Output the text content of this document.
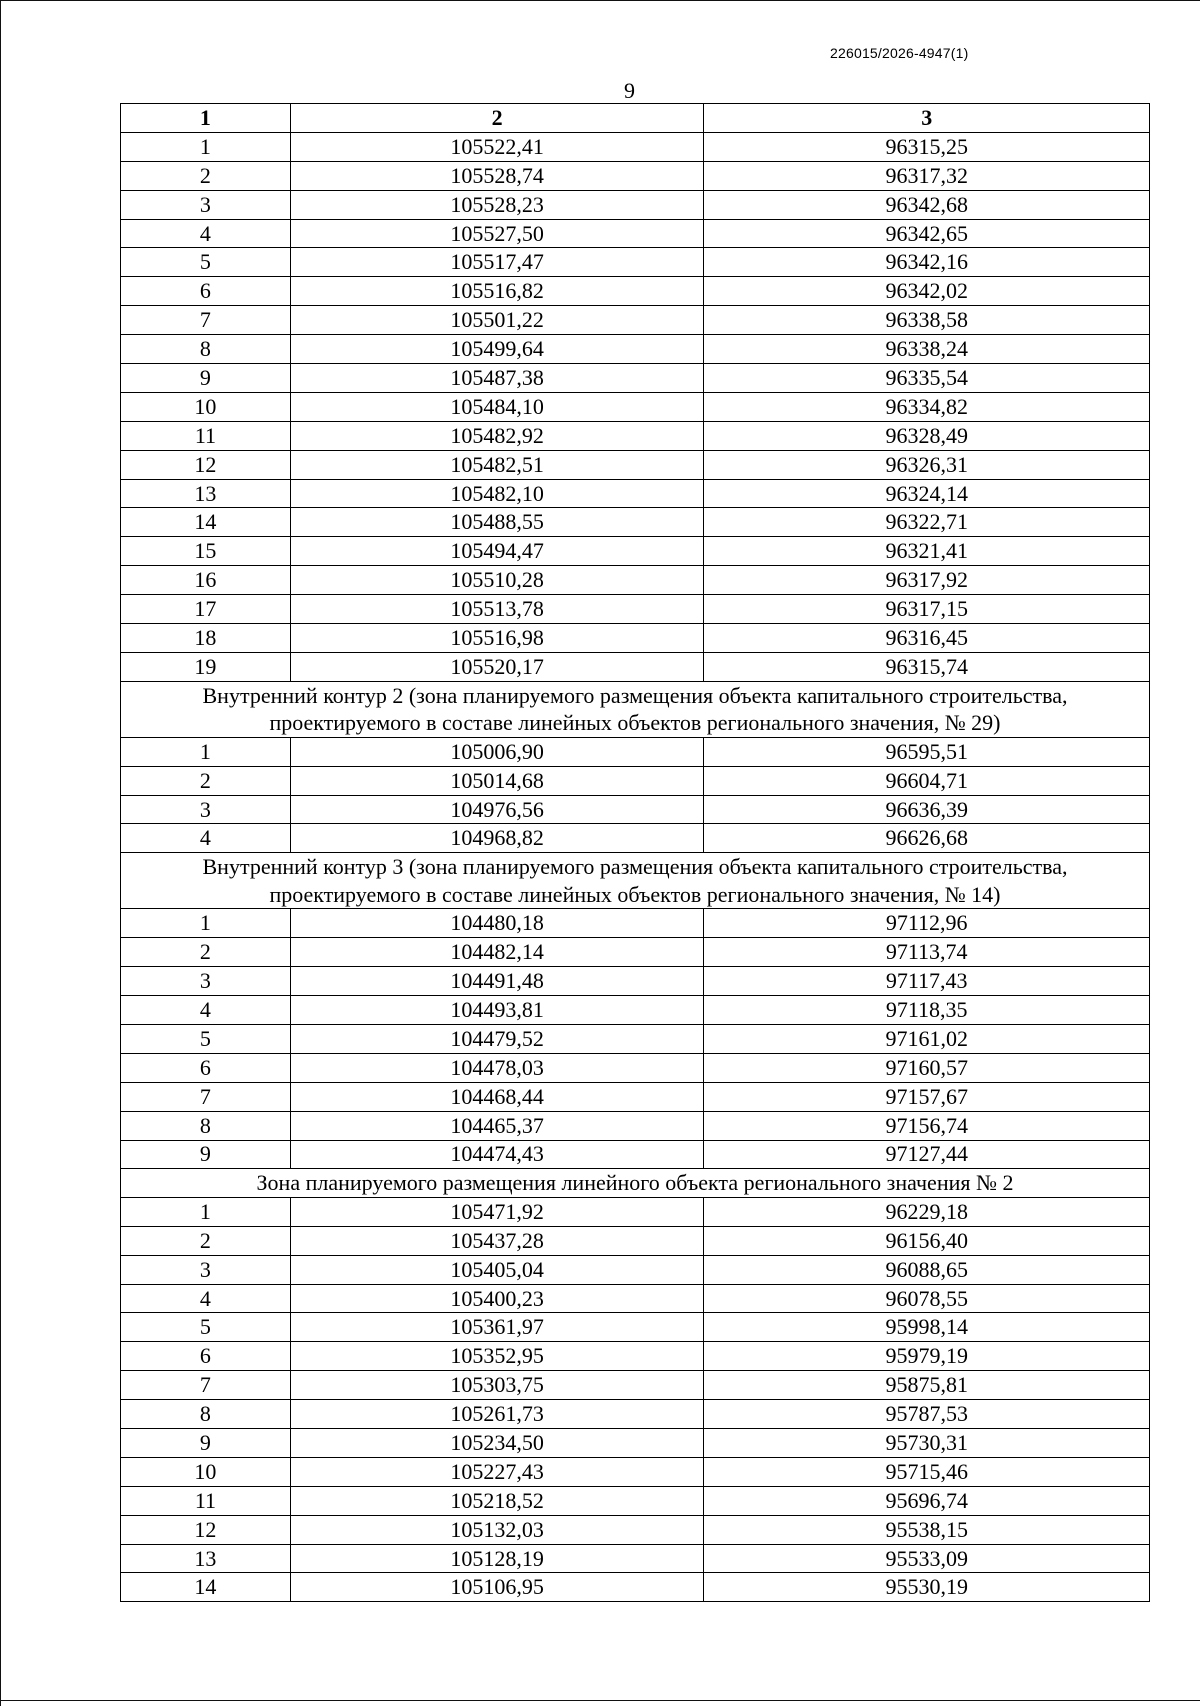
226015/2026-4947(1)
9
1	2	3
1	105522,41	96315,25
2	105528,74	96317,32
3	105528,23	96342,68
4	105527,50	96342,65
5	105517,47	96342,16
6	105516,82	96342,02
7	105501,22	96338,58
8	105499,64	96338,24
9	105487,38	96335,54
10	105484,10	96334,82
11	105482,92	96328,49
12	105482,51	96326,31
13	105482,10	96324,14
14	105488,55	96322,71
15	105494,47	96321,41
16	105510,28	96317,92
17	105513,78	96317,15
18	105516,98	96316,45
19	105520,17	96315,74
Внутренний контур 2 (зона планируемого размещения объекта капитального строительства, проектируемого в составе линейных объектов регионального значения, № 29)		
1	105006,90	96595,51
2	105014,68	96604,71
3	104976,56	96636,39
4	104968,82	96626,68
Внутренний контур 3 (зона планируемого размещения объекта капитального строительства, проектируемого в составе линейных объектов регионального значения, № 14)		
1	104480,18	97112,96
2	104482,14	97113,74
3	104491,48	97117,43
4	104493,81	97118,35
5	104479,52	97161,02
6	104478,03	97160,57
7	104468,44	97157,67
8	104465,37	97156,74
9	104474,43	97127,44
Зона планируемого размещения линейного объекта регионального значения № 2		
1	105471,92	96229,18
2	105437,28	96156,40
3	105405,04	96088,65
4	105400,23	96078,55
5	105361,97	95998,14
6	105352,95	95979,19
7	105303,75	95875,81
8	105261,73	95787,53
9	105234,50	95730,31
10	105227,43	95715,46
11	105218,52	95696,74
12	105132,03	95538,15
13	105128,19	95533,09
14	105106,95	95530,19
